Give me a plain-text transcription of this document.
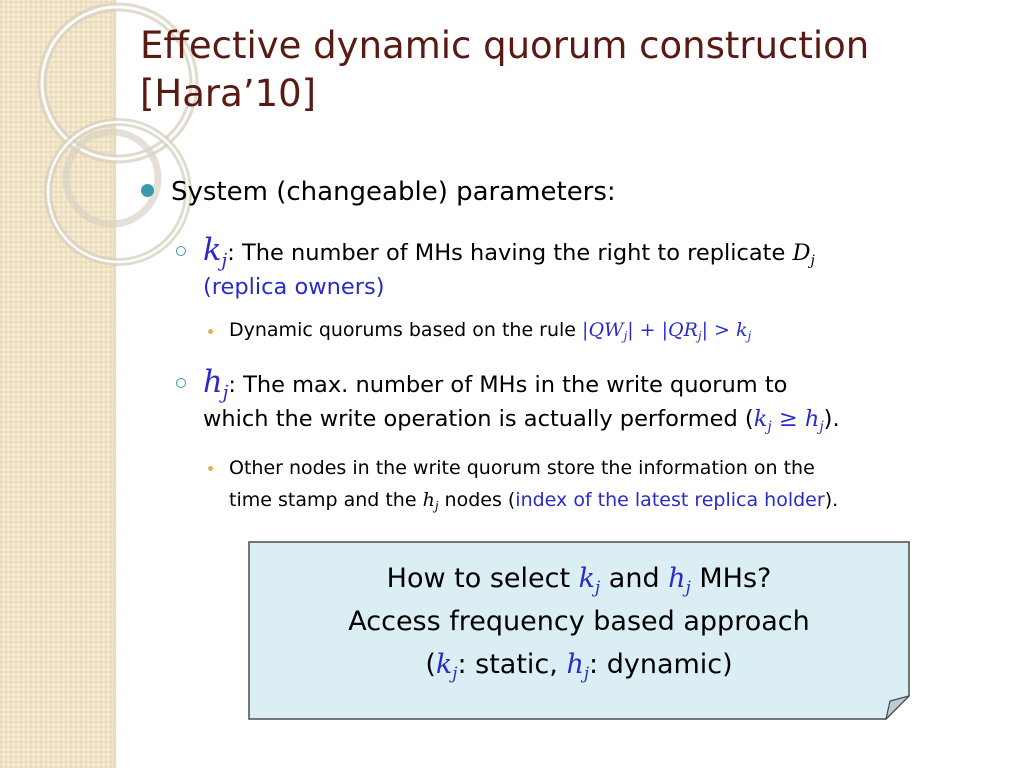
Effective dynamic quorum construction
[Hara’10]
System (changeable) parameters:
$k_j$: The number of MHs having the right to replicate $D_j$
(replica owners)
Dynamic quorums based on the rule $|QW_j| + |QR_j| > k_j$
$h_j$: The max. number of MHs in the write quorum to
which the write operation is actually performed $(k_j \ge h_j)$.
Other nodes in the write quorum store the information on the
time stamp and the $h_j$ nodes (index of the latest replica holder).
How to select $k_j$ and $h_j$ MHs?
Access frequency based approach
($k_j$: static, $h_j$: dynamic)
